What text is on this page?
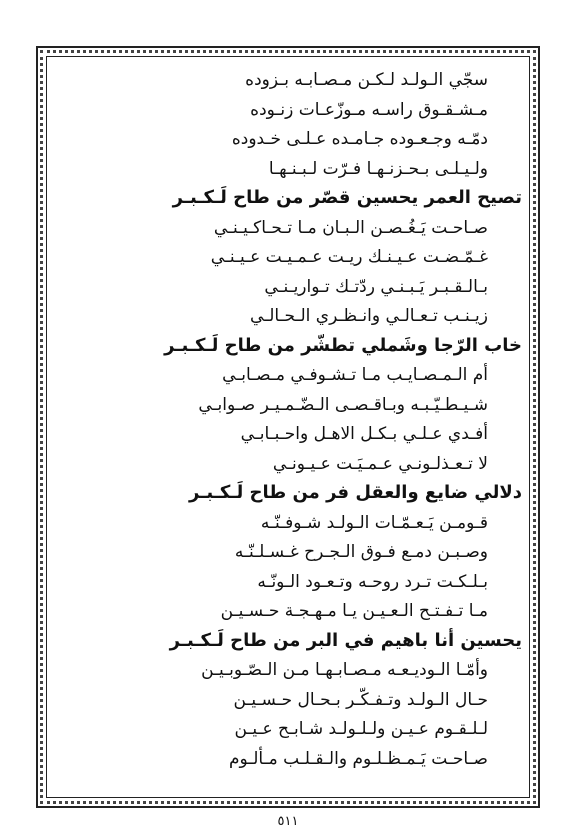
سجّي الـولـد لـكـن مـصـابـه بـزوده
مـشـقـوق راسـه مـوزّعـات زنـوده
دمّـه وجـعـوده جـامـده عـلـى خـدوده
ولـيـلـى بـحـزنـهـا فـرّت لـبـنـهـا
تصيح العمر يحسين قصّر من طاح لَـكـبـر
صـاحـت يَـغُـصـن الـبـان مـا تـحـاكـيـنـي
غـمّـضـت عـيـنـك ريـت عـمـيـت عـيـنـي
بـالـقـبـر يَـبـنـي ردّتـك تـواريـنـي
زيـنـب تـعـالـي وانـظـري الـحـالـي
خاب الرّجا وشَملي تطشّر من طاح لَـكـبـر
أم الـمـصـايـب مـا تـشـوفـي مـصـابـي
شـيـطـيّـبـه وبـاقـصـى الـضّـمـيـر صـوابـي
أفـدي عـلـي بـكـل الاهـل واحـبـابـي
لا تـعـذلـونـي عـمـيَـت عـيـونـي
دلالي ضايع والعقل فر من طاح لَـكـبـر
قـومـن يَـعـمّـات الـولـد شـوفـنّـه
وصـبـن دمـع فـوق الـجـرح غـسـلـنّـه
بـلـكـت تـرد روحـه وتـعـود الـونّـه
مـا تـفـتـح الـعـيـن يـا مـهـجـة حـسـيـن
يحسين أنا باهيم في البر من طاح لَـكـبـر
وأمّـا الـوديـعـه مـصـابـهـا مـن الـصّـوبـيـن
حـال الـولـد وتـفـكّـر بـحـال حـسـيـن
لـلـقـوم عـيـن ولـلـولـد شـابـح عـيـن
صـاحـت يَـمـظـلـوم والـقـلـب مـألـوم
٥١١
